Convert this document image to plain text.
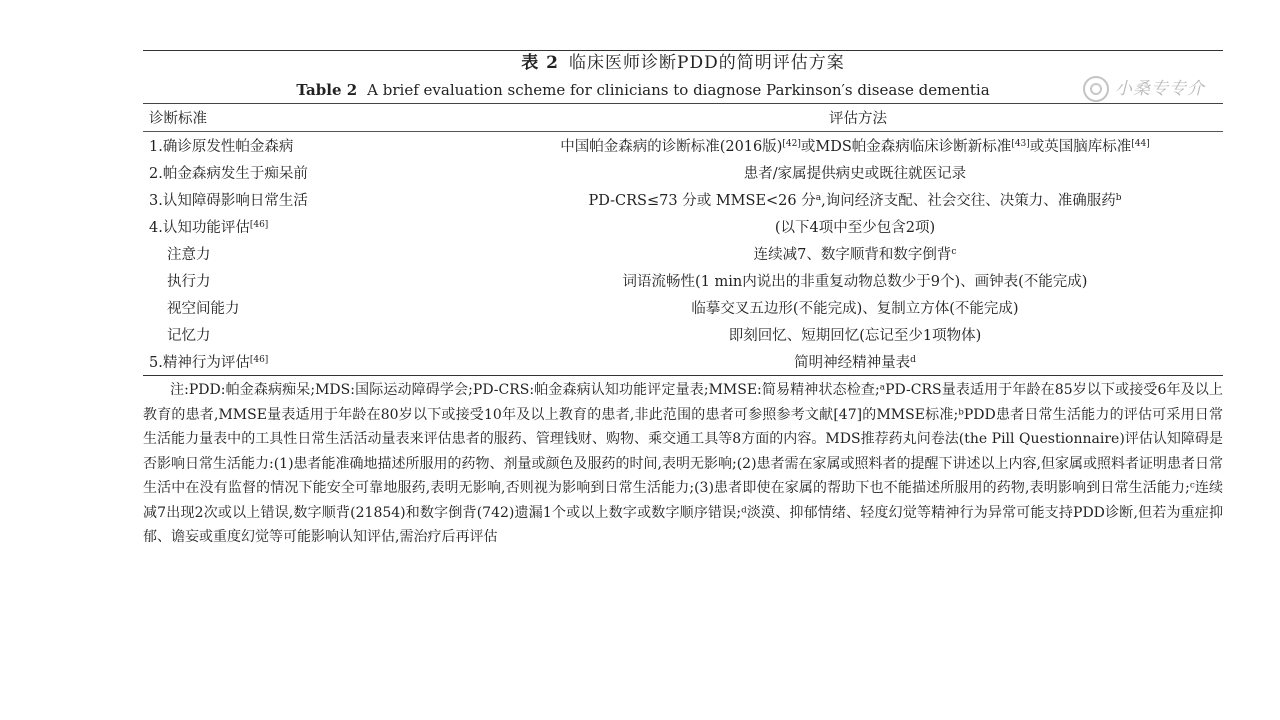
表 2 临床医师诊断PDD的简明评估方案
Table 2 A brief evaluation scheme for clinicians to diagnose Parkinson′s disease dementia	小桑专专介
诊断标准	评估方法
1.确诊原发性帕金森病	中国帕金森病的诊断标准(2016版)[42]或MDS帕金森病临床诊断新标准[43]或英国脑库标准[44]
2.帕金森病发生于痴呆前	患者/家属提供病史或既往就医记录
3.认知障碍影响日常生活	PD-CRS≤73 分或 MMSE<26 分$^a$,询问经济支配、社会交往、决策力、准确服药$^b$
4.认知功能评估[46]	(以下4项中至少包含2项)
注意力	连续减7、数字顺背和数字倒背$^c$
执行力	词语流畅性(1 min内说出的非重复动物总数少于9个)、画钟表(不能完成)
视空间能力	临摹交叉五边形(不能完成)、复制立方体(不能完成)
记忆力	即刻回忆、短期回忆(忘记至少1项物体)
5.精神行为评估[46]	简明神经精神量表$^d$
注:PDD:帕金森病痴呆;MDS:国际运动障碍学会;PD-CRS:帕金森病认知功能评定量表;MMSE:简易精神状态检查;ᵃPD-CRS量表适用于年龄在85岁以下或接受6年及以上教育的患者,MMSE量表适用于年龄在80岁以下或接受10年及以上教育的患者,非此范围的患者可参照参考文献[47]的MMSE标准;ᵇPDD患者日常生活能力的评估可采用日常生活能力量表中的工具性日常生活活动量表来评估患者的服药、管理钱财、购物、乘交通工具等8方面的内容。MDS推荐药丸问卷法(the Pill Questionnaire)评估认知障碍是否影响日常生活能力:(1)患者能准确地描述所服用的药物、剂量或颜色及服药的时间,表明无影响;(2)患者需在家属或照料者的提醒下讲述以上内容,但家属或照料者证明患者日常生活中在没有监督的情况下能安全可靠地服药,表明无影响,否则视为影响到日常生活能力;(3)患者即使在家属的帮助下也不能描述所服用的药物,表明影响到日常生活能力;ᶜ连续减7出现2次或以上错误,数字顺背(21854)和数字倒背(742)遗漏1个或以上数字或数字顺序错误;ᵈ淡漠、抑郁情绪、轻度幻觉等精神行为异常可能支持PDD诊断,但若为重症抑郁、谵妄或重度幻觉等可能影响认知评估,需治疗后再评估
